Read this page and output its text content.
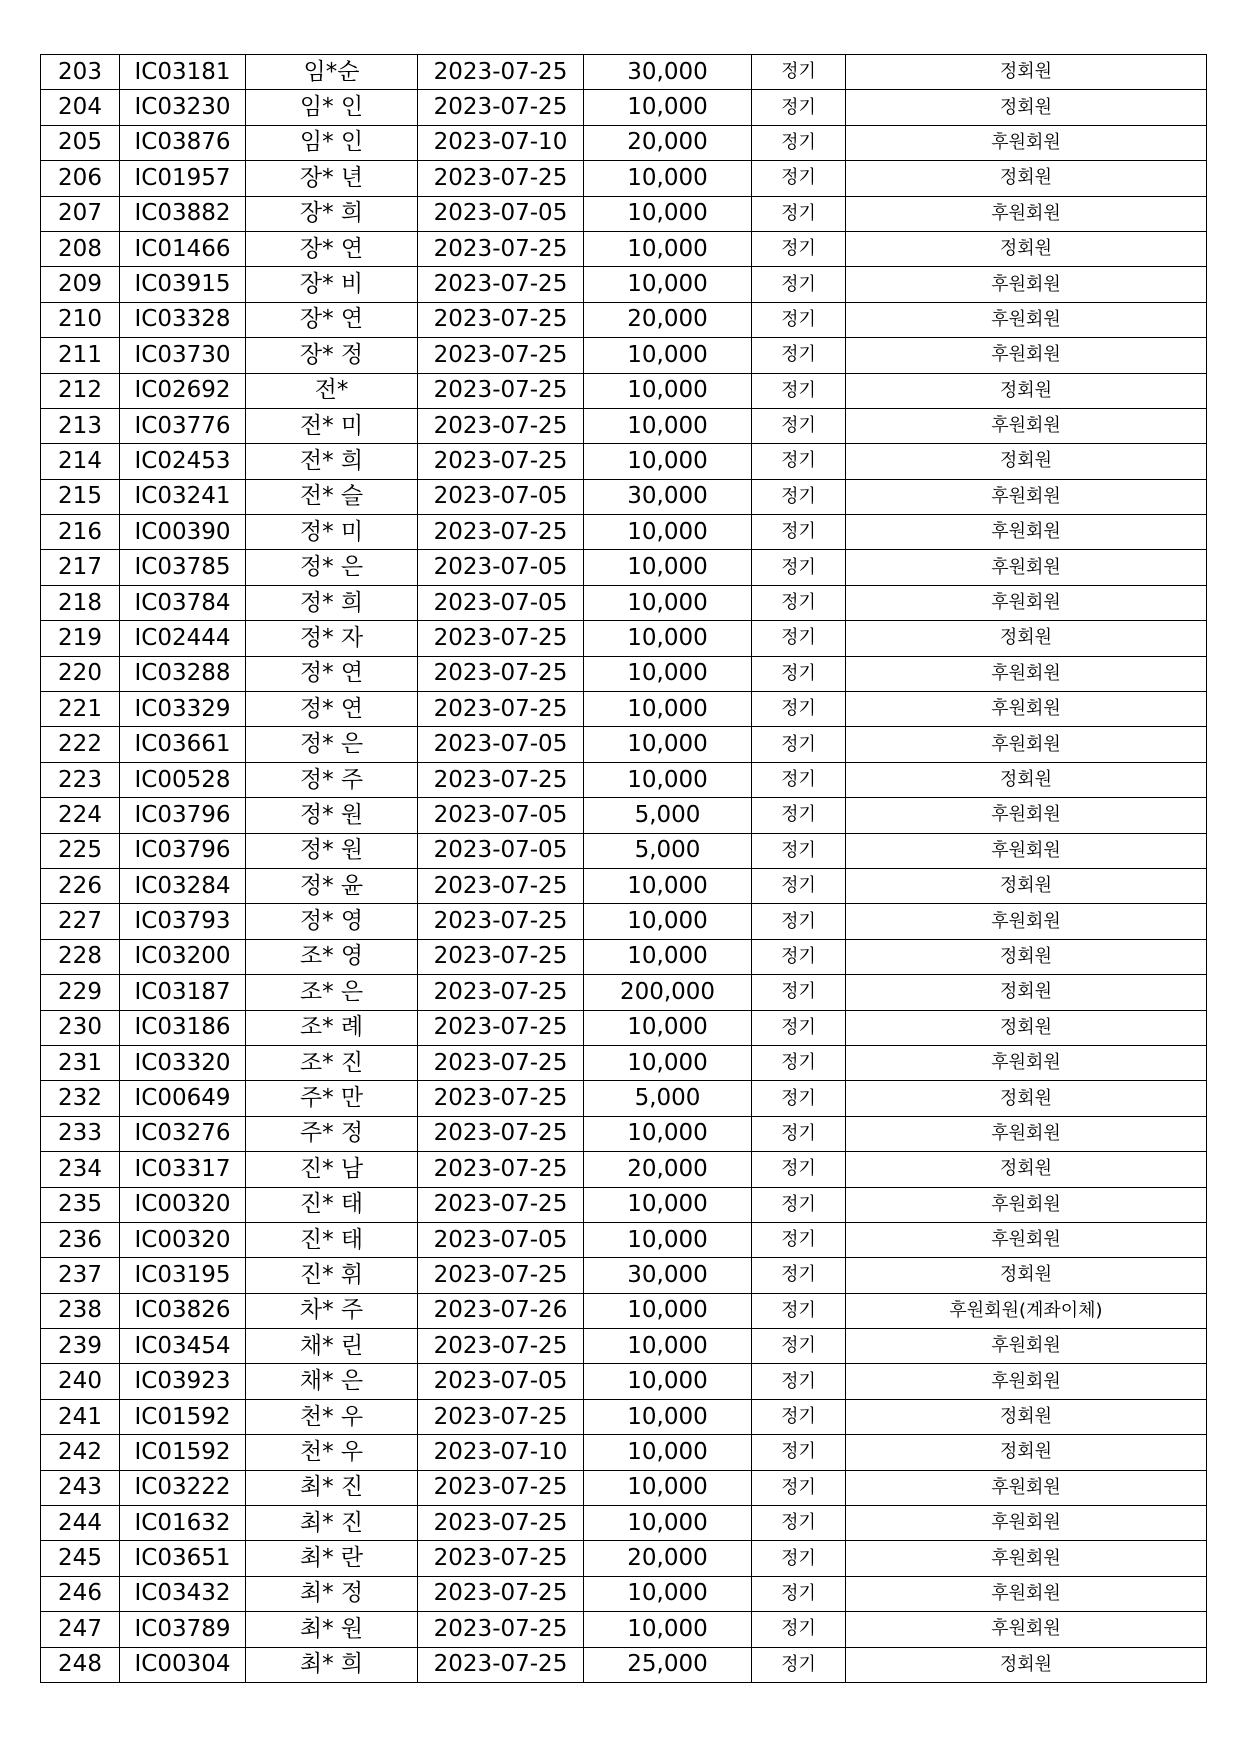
203	IC03181	임*순	2023-07-25	30,000	정기	정회원
204	IC03230	임* 인	2023-07-25	10,000	정기	정회원
205	IC03876	임* 인	2023-07-10	20,000	정기	후원회원
206	IC01957	장* 년	2023-07-25	10,000	정기	정회원
207	IC03882	장* 희	2023-07-05	10,000	정기	후원회원
208	IC01466	장* 연	2023-07-25	10,000	정기	정회원
209	IC03915	장* 비	2023-07-25	10,000	정기	후원회원
210	IC03328	장* 연	2023-07-25	20,000	정기	후원회원
211	IC03730	장* 정	2023-07-25	10,000	정기	후원회원
212	IC02692	전*	2023-07-25	10,000	정기	정회원
213	IC03776	전* 미	2023-07-25	10,000	정기	후원회원
214	IC02453	전* 희	2023-07-25	10,000	정기	정회원
215	IC03241	전* 슬	2023-07-05	30,000	정기	후원회원
216	IC00390	정* 미	2023-07-25	10,000	정기	후원회원
217	IC03785	정* 은	2023-07-05	10,000	정기	후원회원
218	IC03784	정* 희	2023-07-05	10,000	정기	후원회원
219	IC02444	정* 자	2023-07-25	10,000	정기	정회원
220	IC03288	정* 연	2023-07-25	10,000	정기	후원회원
221	IC03329	정* 연	2023-07-25	10,000	정기	후원회원
222	IC03661	정* 은	2023-07-05	10,000	정기	후원회원
223	IC00528	정* 주	2023-07-25	10,000	정기	정회원
224	IC03796	정* 원	2023-07-05	5,000	정기	후원회원
225	IC03796	정* 원	2023-07-05	5,000	정기	후원회원
226	IC03284	정* 윤	2023-07-25	10,000	정기	정회원
227	IC03793	정* 영	2023-07-25	10,000	정기	후원회원
228	IC03200	조* 영	2023-07-25	10,000	정기	정회원
229	IC03187	조* 은	2023-07-25	200,000	정기	정회원
230	IC03186	조* 례	2023-07-25	10,000	정기	정회원
231	IC03320	조* 진	2023-07-25	10,000	정기	후원회원
232	IC00649	주* 만	2023-07-25	5,000	정기	정회원
233	IC03276	주* 정	2023-07-25	10,000	정기	후원회원
234	IC03317	진* 남	2023-07-25	20,000	정기	정회원
235	IC00320	진* 태	2023-07-25	10,000	정기	후원회원
236	IC00320	진* 태	2023-07-05	10,000	정기	후원회원
237	IC03195	진* 휘	2023-07-25	30,000	정기	정회원
238	IC03826	차* 주	2023-07-26	10,000	정기	후원회원(계좌이체)
239	IC03454	채* 린	2023-07-25	10,000	정기	후원회원
240	IC03923	채* 은	2023-07-05	10,000	정기	후원회원
241	IC01592	천* 우	2023-07-25	10,000	정기	정회원
242	IC01592	천* 우	2023-07-10	10,000	정기	정회원
243	IC03222	최* 진	2023-07-25	10,000	정기	후원회원
244	IC01632	최* 진	2023-07-25	10,000	정기	후원회원
245	IC03651	최* 란	2023-07-25	20,000	정기	후원회원
246	IC03432	최* 정	2023-07-25	10,000	정기	후원회원
247	IC03789	최* 원	2023-07-25	10,000	정기	후원회원
248	IC00304	최* 희	2023-07-25	25,000	정기	정회원
